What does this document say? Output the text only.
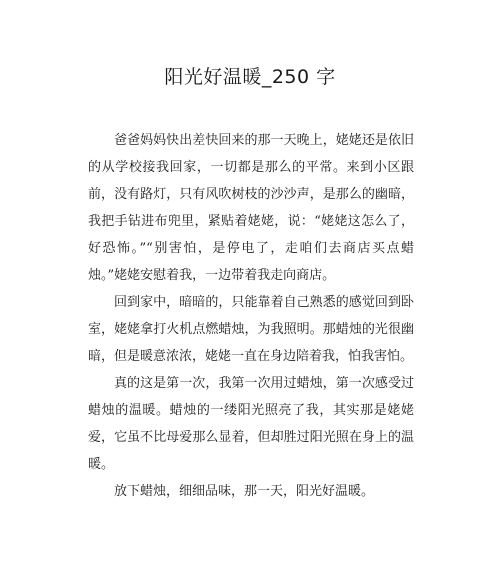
阳光好温暖_250 字

爸爸妈妈快出差快回来的那一天晚上，姥姥还是依旧的从学校接我回家，一切都是那么的平常。来到小区跟前，没有路灯，只有风吹树枝的沙沙声，是那么的幽暗，我把手钻进布兜里，紧贴着姥姥，说：“姥姥这怎么了，好恐怖。”“别害怕，是停电了，走咱们去商店买点蜡烛。”姥姥安慰着我，一边带着我走向商店。

回到家中，暗暗的，只能靠着自己熟悉的感觉回到卧室，姥姥拿打火机点燃蜡烛，为我照明。那蜡烛的光很幽暗，但是暖意浓浓，姥姥一直在身边陪着我，怕我害怕。

真的这是第一次，我第一次用过蜡烛，第一次感受过蜡烛的温暖。蜡烛的一缕阳光照亮了我，其实那是姥姥爱，它虽不比母爱那么显着，但却胜过阳光照在身上的温暖。

放下蜡烛，细细品味，那一天，阳光好温暖。
